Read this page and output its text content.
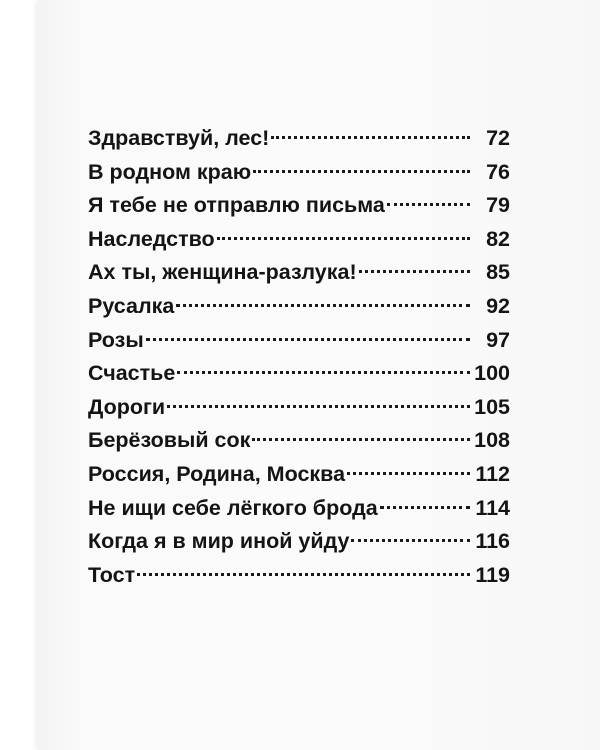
Здравствуй, лес!	72
В родном краю	76
Я тебе не отправлю письма	79
Наследство	82
Ах ты, женщина-разлука!	85
Русалка	92
Розы	97
Счастье	100
Дороги	105
Берёзовый сок	108
Россия, Родина, Москва	112
Не ищи себе лёгкого брода	114
Когда я в мир иной уйду	116
Тост	119
